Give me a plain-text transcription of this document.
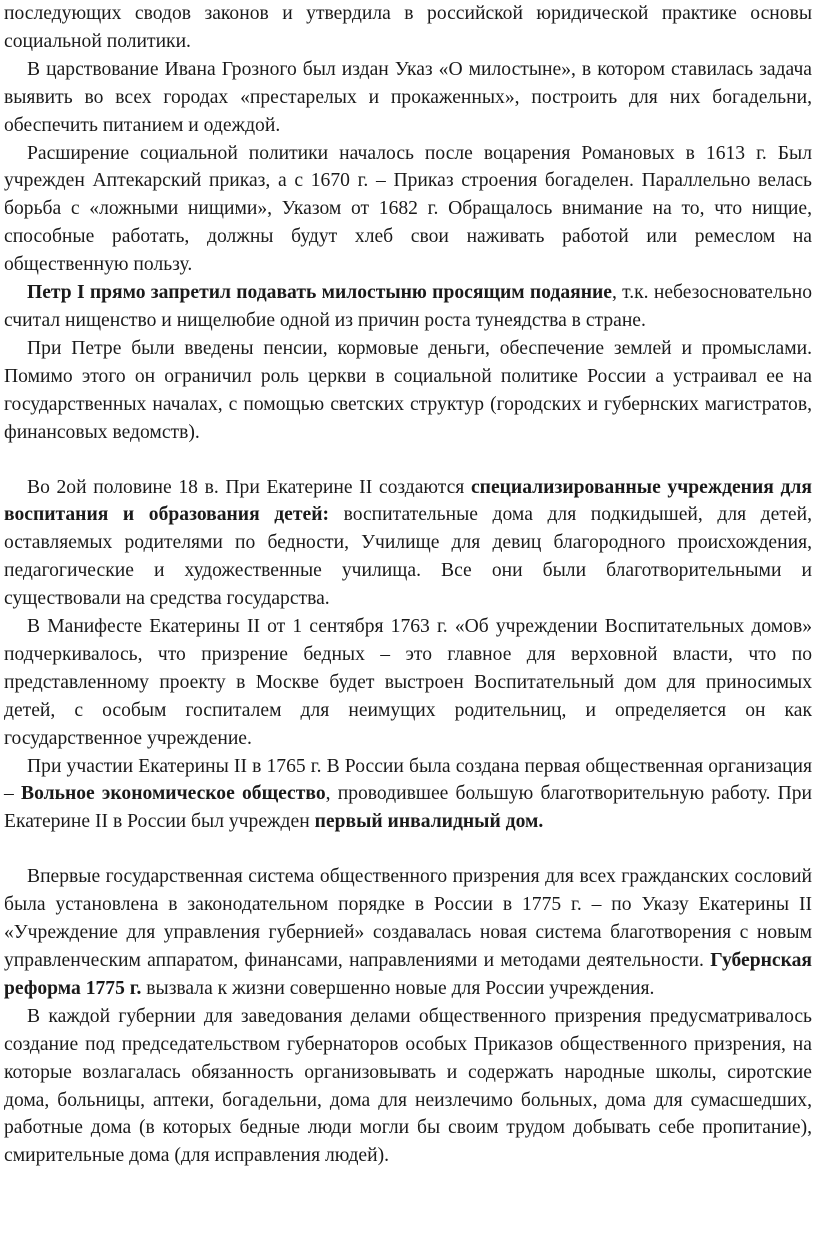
последующих сводов законов и утвердила в российской юридической практике основы социальной политики.

В царствование Ивана Грозного был издан Указ «О милостыне», в котором ставилась задача выявить во всех городах «престарелых и прокаженных», построить для них богадельни, обеспечить питанием и одеждой.

Расширение социальной политики началось после воцарения Романовых в 1613 г. Был учрежден Аптекарский приказ, а с 1670 г. – Приказ строения богаделен. Параллельно велась борьба с «ложными нищими», Указом от 1682 г. Обращалось внимание на то, что нищие, способные работать, должны будут хлеб свои наживать работой или ремеслом на общественную пользу.

Петр I прямо запретил подавать милостыню просящим подаяние, т.к. небезосновательно считал нищенство и нищелюбие одной из причин роста тунеядства в стране.

При Петре были введены пенсии, кормовые деньги, обеспечение землей и промыслами. Помимо этого он ограничил роль церкви в социальной политике России а устраивал ее на государственных началах, с помощью светских структур (городских и губернских магистратов, финансовых ведомств).

Во 2ой половине 18 в. При Екатерине II создаются специализированные учреждения для воспитания и образования детей: воспитательные дома для подкидышей, для детей, оставляемых родителями по бедности, Училище для девиц благородного происхождения, педагогические и художественные училища. Все они были благотворительными и существовали на средства государства.

В Манифесте Екатерины II от 1 сентября 1763 г. «Об учреждении Воспитательных домов» подчеркивалось, что призрение бедных – это главное для верховной власти, что по представленному проекту в Москве будет выстроен Воспитательный дом для приносимых детей, с особым госпиталем для неимущих родительниц, и определяется он как государственное учреждение.

При участии Екатерины II в 1765 г. В России была создана первая общественная организация – Вольное экономическое общество, проводившее большую благотворительную работу. При Екатерине II в России был учрежден первый инвалидный дом.

Впервые государственная система общественного призрения для всех гражданских сословий была установлена в законодательном порядке в России в 1775 г. – по Указу Екатерины II «Учреждение для управления губернией» создавалась новая система благотворения с новым управленческим аппаратом, финансами, направлениями и методами деятельности. Губернская реформа 1775 г. вызвала к жизни совершенно новые для России учреждения.

В каждой губернии для заведования делами общественного призрения предусматривалось создание под председательством губернаторов особых Приказов общественного призрения, на которые возлагалась обязанность организовывать и содержать народные школы, сиротские дома, больницы, аптеки, богадельни, дома для неизлечимо больных, дома для сумасшедших, работные дома (в которых бедные люди могли бы своим трудом добывать себе пропитание), смирительные дома (для исправления людей).
